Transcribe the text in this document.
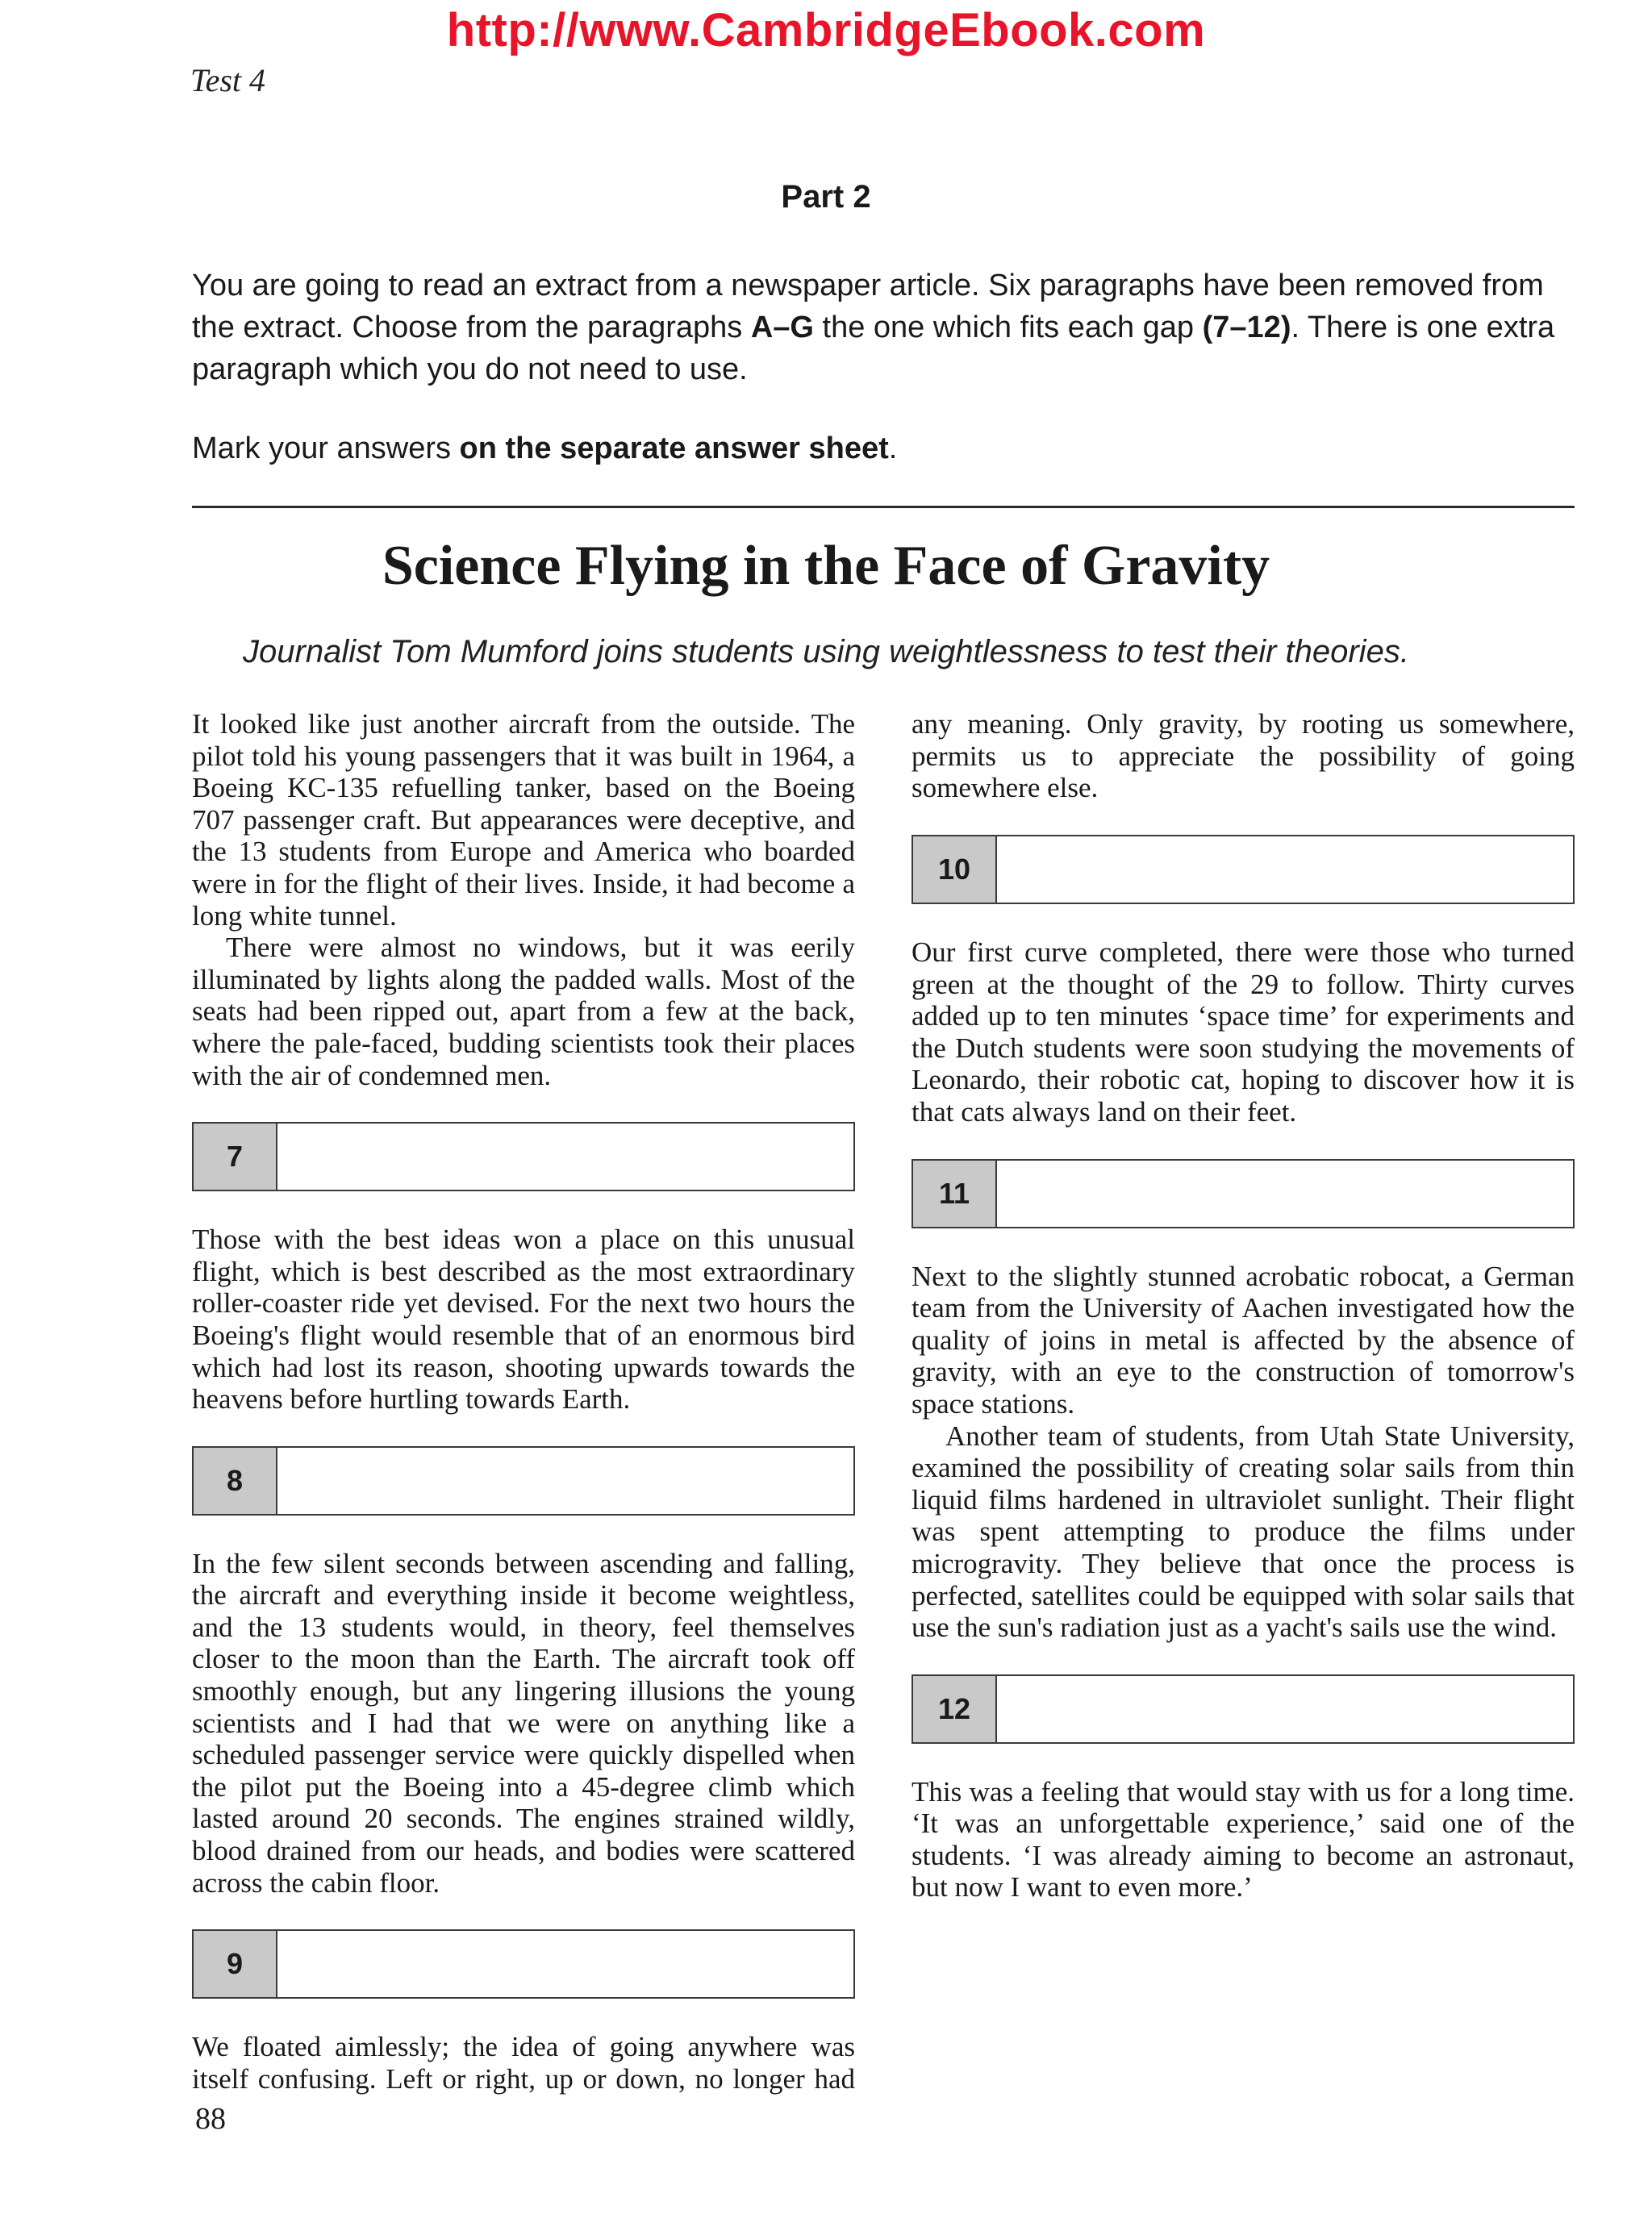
http://www.CambridgeEbook.com
Test 4
Part 2

You are going to read an extract from a newspaper article. Six paragraphs have been removed from the extract. Choose from the paragraphs A–G the one which fits each gap (7–12). There is one extra paragraph which you do not need to use.

Mark your answers on the separate answer sheet.

Science Flying in the Face of Gravity

Journalist Tom Mumford joins students using weightlessness to test their theories.

It looked like just another aircraft from the outside. The pilot told his young passengers that it was built in 1964, a Boeing KC-135 refuelling tanker, based on the Boeing 707 passenger craft. But appearances were deceptive, and the 13 students from Europe and America who boarded were in for the flight of their lives. Inside, it had become a long white tunnel.

There were almost no windows, but it was eerily illuminated by lights along the padded walls. Most of the seats had been ripped out, apart from a few at the back, where the pale-faced, budding scientists took their places with the air of condemned men.

7

Those with the best ideas won a place on this unusual flight, which is best described as the most extraordinary roller-coaster ride yet devised. For the next two hours the Boeing's flight would resemble that of an enormous bird which had lost its reason, shooting upwards towards the heavens before hurtling towards Earth.

8

In the few silent seconds between ascending and falling, the aircraft and everything inside it become weightless, and the 13 students would, in theory, feel themselves closer to the moon than the Earth. The aircraft took off smoothly enough, but any lingering illusions the young scientists and I had that we were on anything like a scheduled passenger service were quickly dispelled when the pilot put the Boeing into a 45-degree climb which lasted around 20 seconds. The engines strained wildly, blood drained from our heads, and bodies were scattered across the cabin floor.

9

We floated aimlessly; the idea of going anywhere was itself confusing. Left or right, up or down, no longer had

any meaning. Only gravity, by rooting us somewhere, permits us to appreciate the possibility of going somewhere else.

10

Our first curve completed, there were those who turned green at the thought of the 29 to follow. Thirty curves added up to ten minutes ‘space time’ for experiments and the Dutch students were soon studying the movements of Leonardo, their robotic cat, hoping to discover how it is that cats always land on their feet.

11

Next to the slightly stunned acrobatic robocat, a German team from the University of Aachen investigated how the quality of joins in metal is affected by the absence of gravity, with an eye to the construction of tomorrow's space stations.

Another team of students, from Utah State University, examined the possibility of creating solar sails from thin liquid films hardened in ultraviolet sunlight. Their flight was spent attempting to produce the films under microgravity. They believe that once the process is perfected, satellites could be equipped with solar sails that use the sun's radiation just as a yacht's sails use the wind.

12

This was a feeling that would stay with us for a long time. ‘It was an unforgettable experience,’ said one of the students. ‘I was already aiming to become an astronaut, but now I want to even more.’

88
